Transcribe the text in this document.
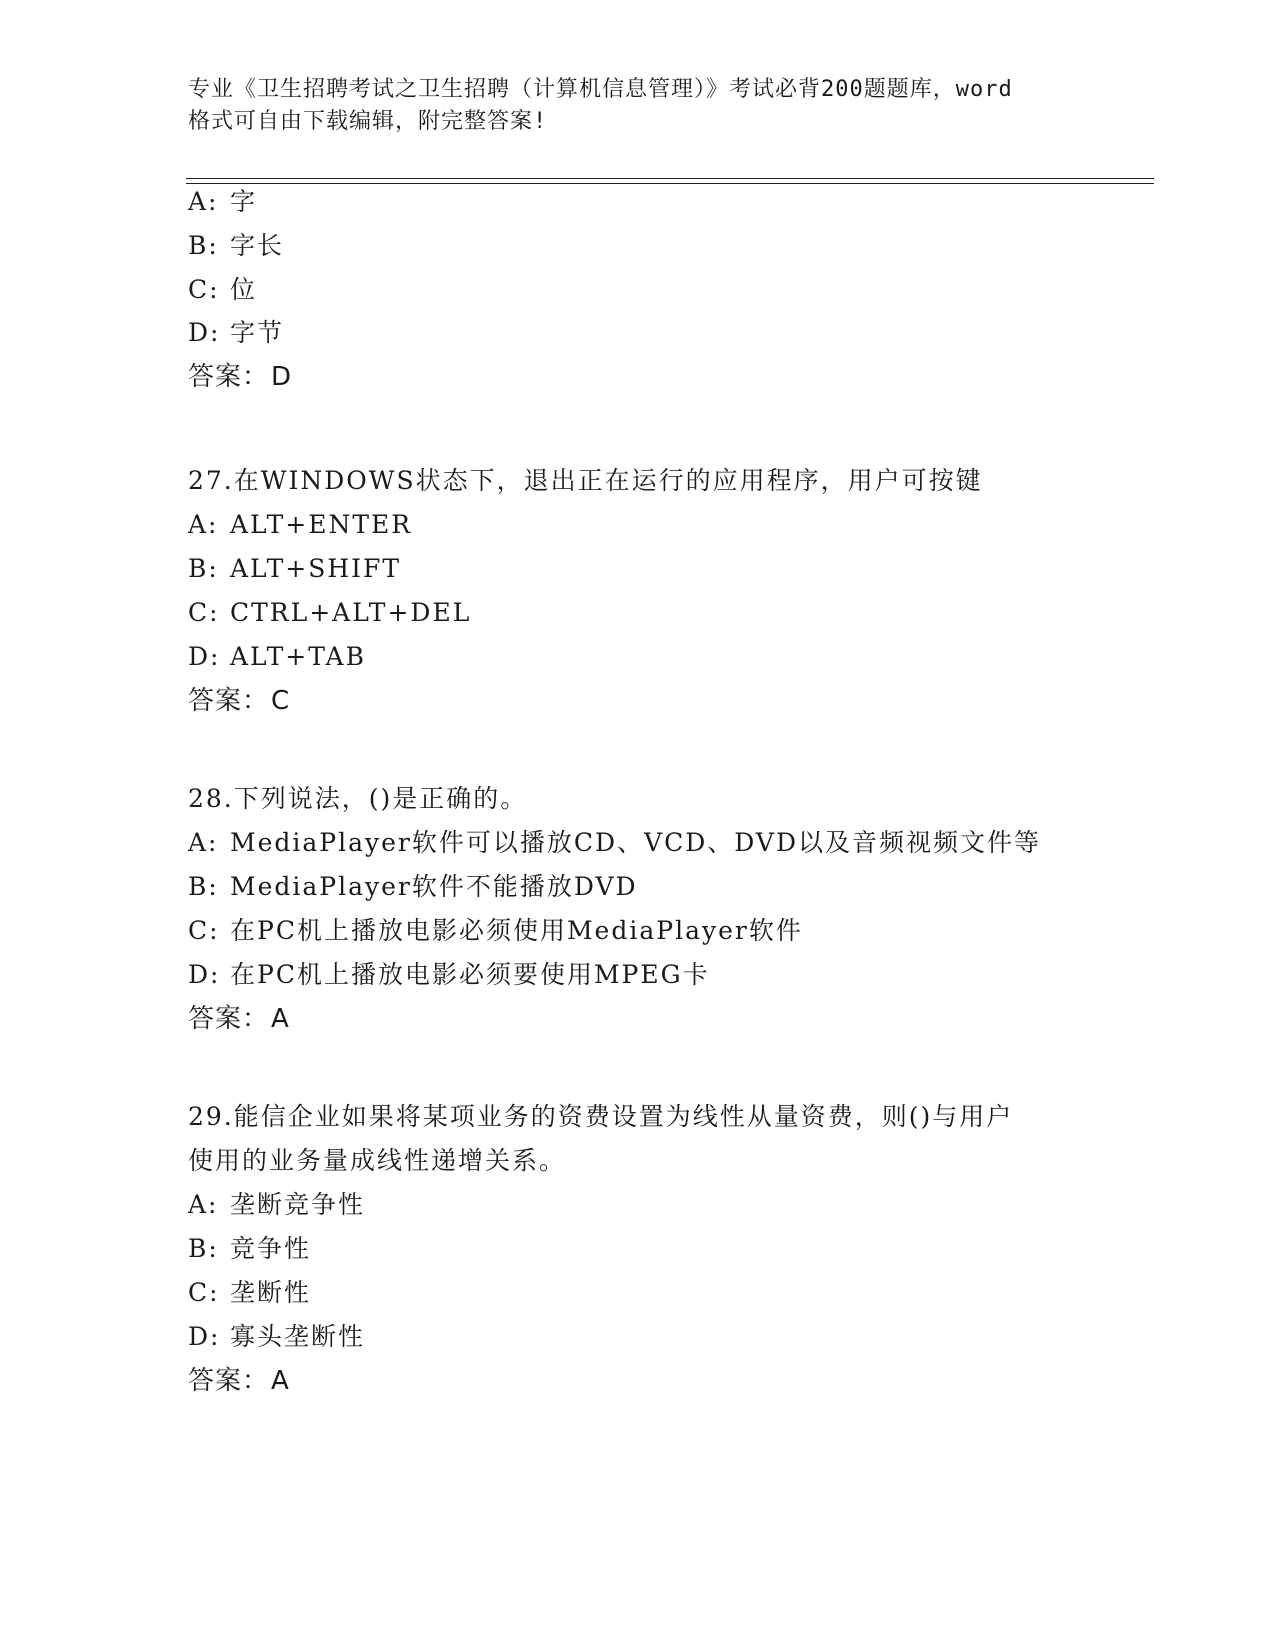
专业《卫生招聘考试之卫生招聘（计算机信息管理）》考试必背200题题库，word
格式可自由下载编辑，附完整答案!
A: 字
B: 字长
C: 位
D: 字节
答案：D
27.在WINDOWS状态下，退出正在运行的应用程序，用户可按键
A: ALT+ENTER
B: ALT+SHIFT
C: CTRL+ALT+DEL
D: ALT+TAB
答案：C
28.下列说法，()是正确的。
A: MediaPlayer软件可以播放CD、VCD、DVD以及音频视频文件等
B: MediaPlayer软件不能播放DVD
C: 在PC机上播放电影必须使用MediaPlayer软件
D: 在PC机上播放电影必须要使用MPEG卡
答案：A
29.能信企业如果将某项业务的资费设置为线性从量资费，则()与用户
使用的业务量成线性递增关系。
A: 垄断竞争性
B: 竞争性
C: 垄断性
D: 寡头垄断性
答案：A
